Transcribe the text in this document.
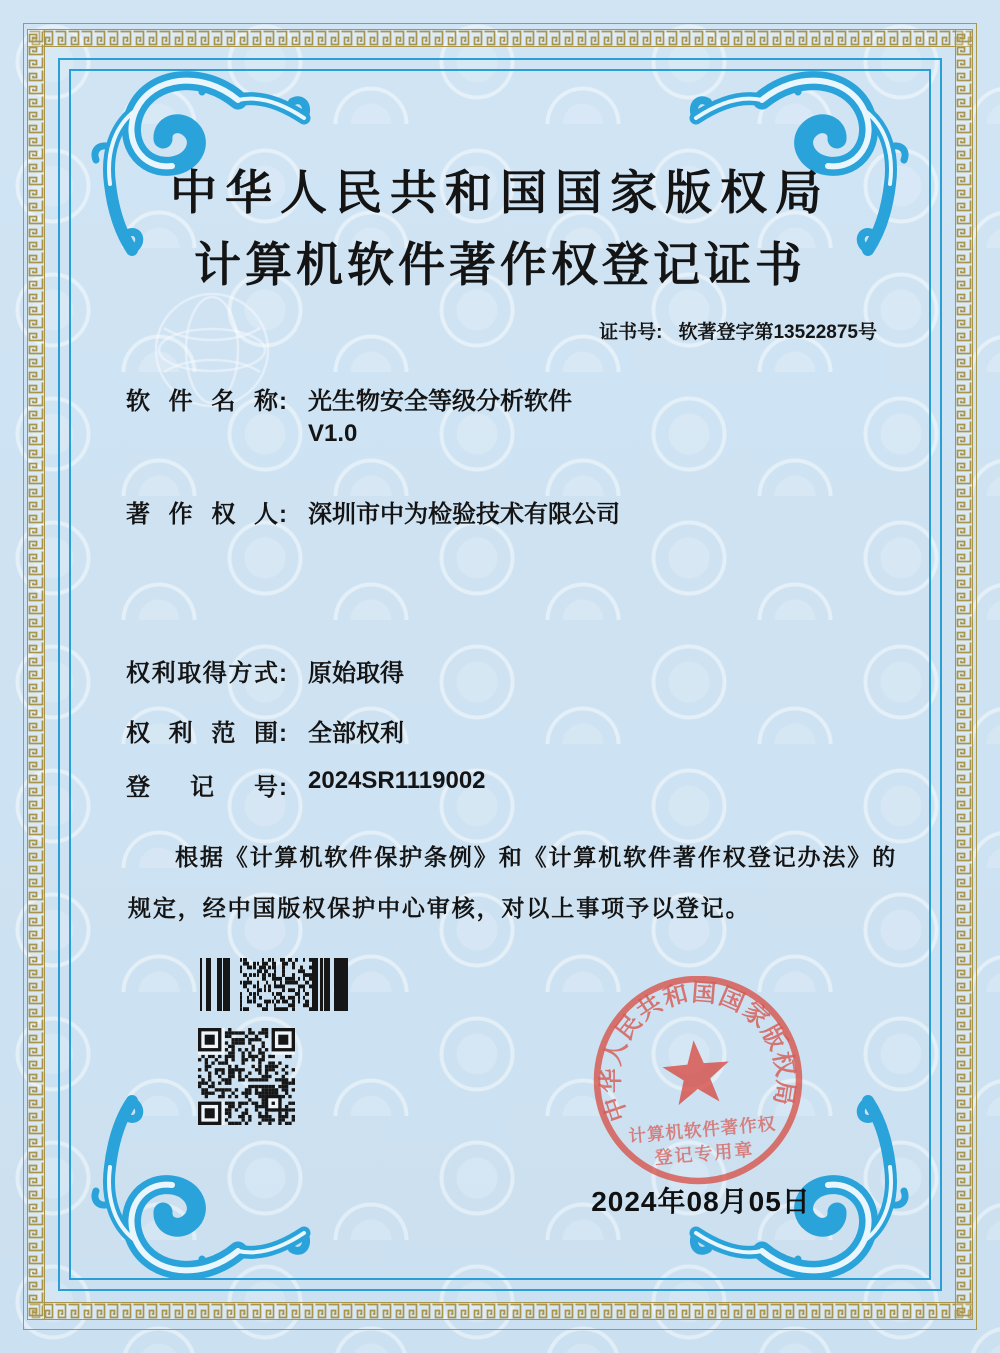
中华人民共和国国家版权局
计算机软件著作权登记证书
证书号: 软著登字第13522875号
软件名称: 光生物安全等级分析软件
V1.0
著作权人: 深圳市中为检验技术有限公司
权利取得方式: 原始取得
权利范围: 全部权利
登记号: 2024SR1119002
根据《计算机软件保护条例》和《计算机软件著作权登记办法》的
规定，经中国版权保护中心审核，对以上事项予以登记。
中华人民共和国国家版权局
计算机软件著作权
登记专用章
2024年08月05日
